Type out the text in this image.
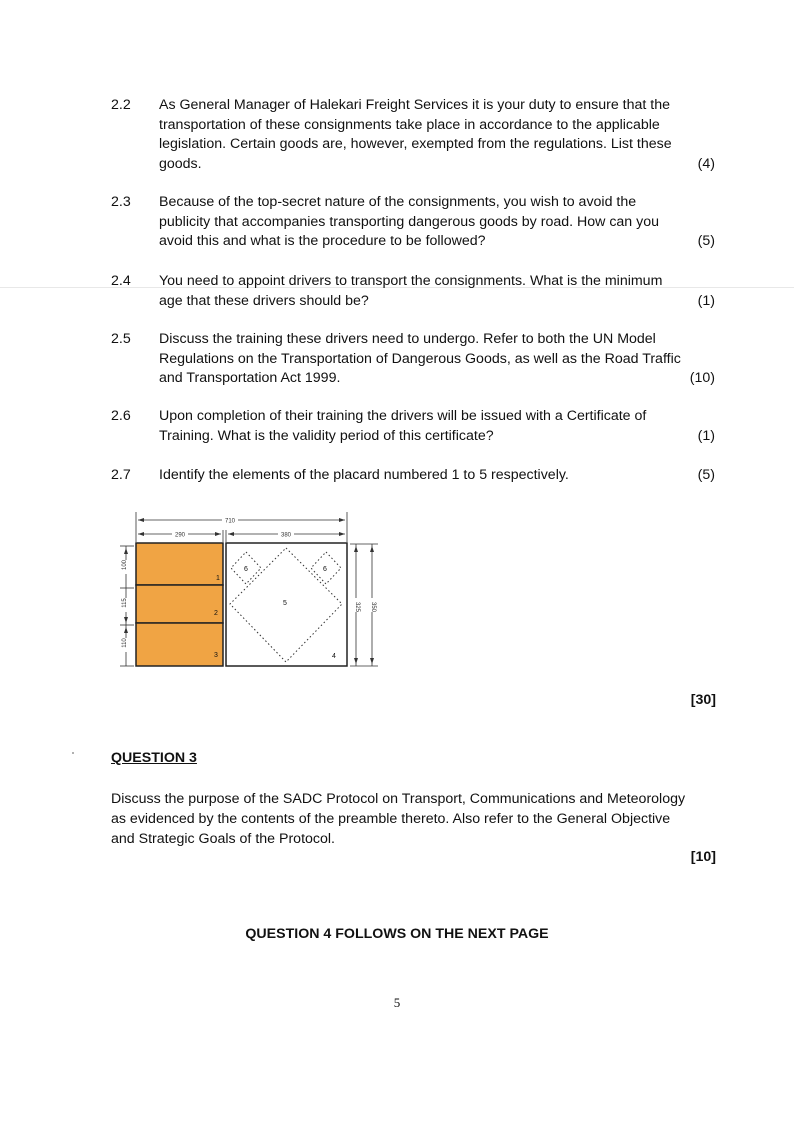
2.2 As General Manager of Halekari Freight Services it is your duty to ensure that the
transportation of these consignments take place in accordance to the applicable
legislation. Certain goods are, however, exempted from the regulations. List these
goods.	(4)
2.3 Because of the top-secret nature of the consignments, you wish to avoid the
publicity that accompanies transporting dangerous goods by road. How can you
avoid this and what is the procedure to be followed?	(5)
2.4 You need to appoint drivers to transport the consignments. What is the minimum
age that these drivers should be?	(1)
2.5 Discuss the training these drivers need to undergo. Refer to both the UN Model
Regulations on the Transportation of Dangerous Goods, as well as the Road Traffic
and Transportation Act 1999.	(10)
2.6 Upon completion of their training the drivers will be issued with a Certificate of
Training. What is the validity period of this certificate?	(1)
2.7 Identify the elements of the placard numbered 1 to 5 respectively.	(5)
710
290	380
100
115
110
325 350
1
2
3	4
5
6	6
[30]
QUESTION 3
Discuss the purpose of the SADC Protocol on Transport, Communications and Meteorology
as evidenced by the contents of the preamble thereto. Also refer to the General Objective
and Strategic Goals of the Protocol.
[10]
QUESTION 4 FOLLOWS ON THE NEXT PAGE
5
